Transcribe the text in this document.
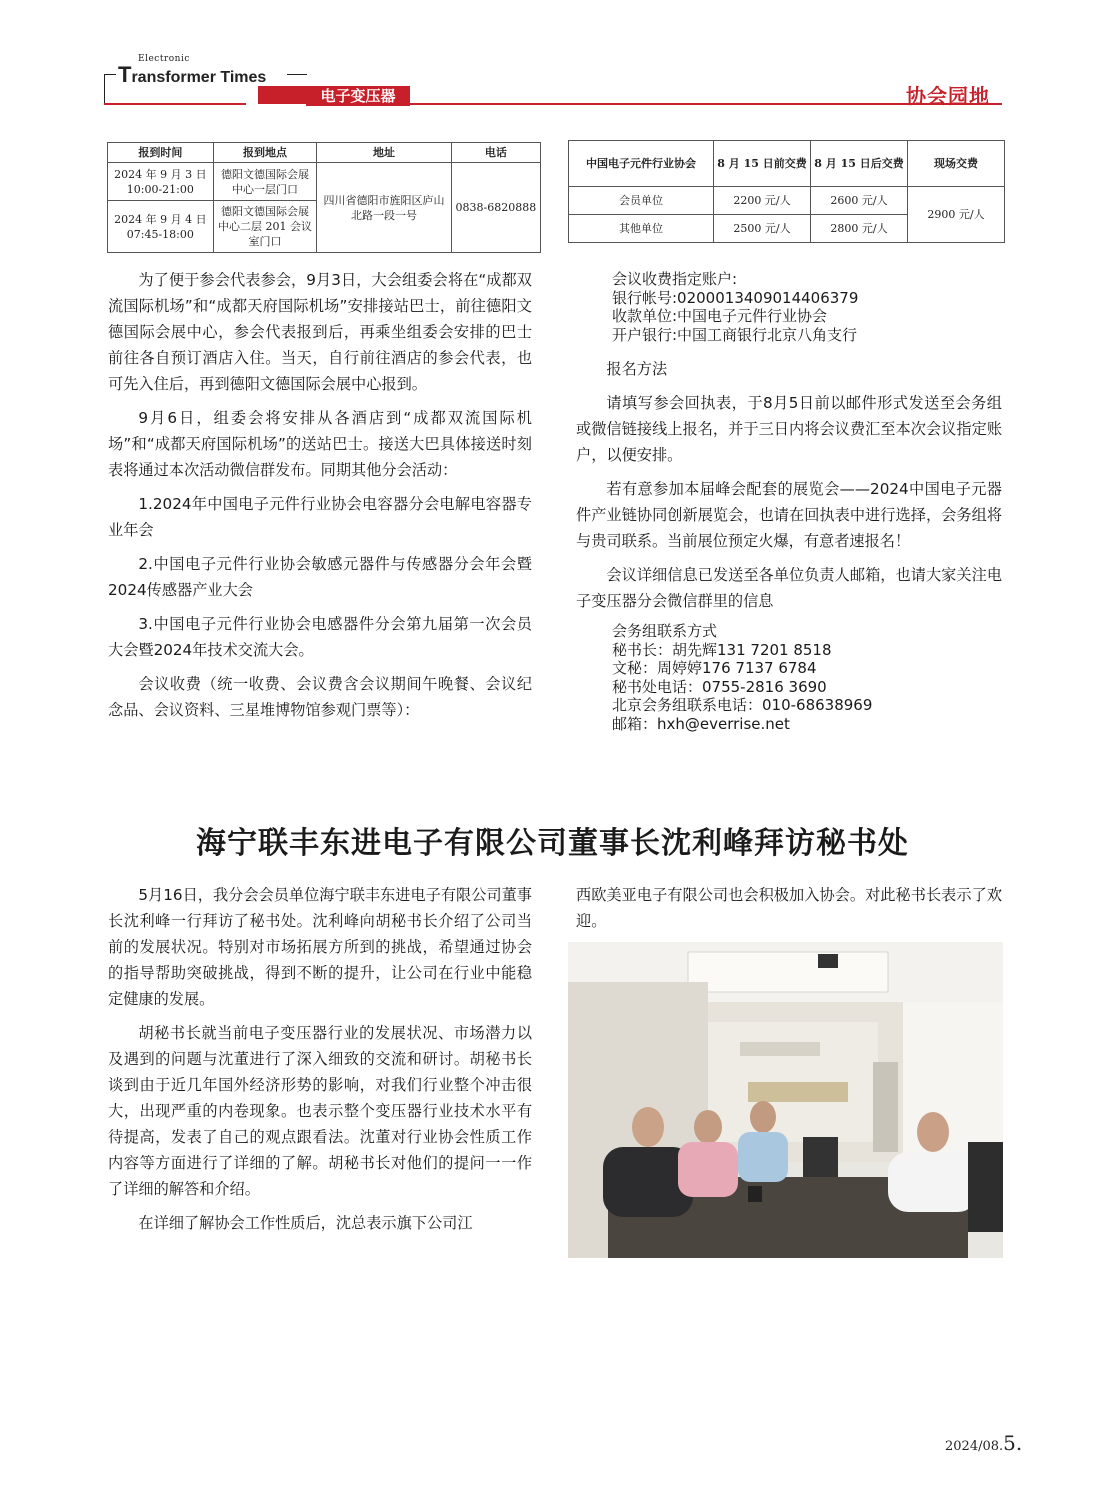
Electronic
Transformer Times
电子变压器	协会园地
报到时间	报到地点	地址	电话
2024 年 9 月 3 日 10:00-21:00	德阳文德国际会展中心一层门口	四川省德阳市旌阳区庐山北路一段一号	0838-6820888
2024 年 9 月 4 日 07:45-18:00	德阳文德国际会展中心二层 201 会议室门口		
中国电子元件行业协会	8 月 15 日前交费	8 月 15 日后交费	现场交费
会员单位	2200 元/人	2600 元/人	2900 元/人
其他单位	2500 元/人	2800 元/人	

为了便于参会代表参会，9月3日，大会组委会将在“成都双流国际机场”和“成都天府国际机场”安排接站巴士，前往德阳文德国际会展中心，参会代表报到后，再乘坐组委会安排的巴士前往各自预订酒店入住。当天，自行前往酒店的参会代表，也可先入住后，再到德阳文德国际会展中心报到。

9月6日，组委会将安排从各酒店到“成都双流国际机场”和“成都天府国际机场”的送站巴士。接送大巴具体接送时刻表将通过本次活动微信群发布。同期其他分会活动：

1.2024年中国电子元件行业协会电容器分会电解电容器专业年会

2.中国电子元件行业协会敏感元器件与传感器分会年会暨2024传感器产业大会

3.中国电子元件行业协会电感器件分会第九届第一次会员大会暨2024年技术交流大会。

会议收费（统一收费、会议费含会议期间午晚餐、会议纪念品、会议资料、三星堆博物馆参观门票等）：

会议收费指定账户:

银行帐号:0200013409014406379

收款单位:中国电子元件行业协会

开户银行:中国工商银行北京八角支行

报名方法

请填写参会回执表，于8月5日前以邮件形式发送至会务组或微信链接线上报名，并于三日内将会议费汇至本次会议指定账户，以便安排。

若有意参加本届峰会配套的展览会——2024中国电子元器件产业链协同创新展览会，也请在回执表中进行选择，会务组将与贵司联系。当前展位预定火爆，有意者速报名！

会议详细信息已发送至各单位负责人邮箱，也请大家关注电子变压器分会微信群里的信息

会务组联系方式

秘书长：胡先辉131 7201 8518

文秘：周婷婷176 7137 6784

秘书处电话：0755-2816 3690

北京会务组联系电话：010-68638969

邮箱：hxh@everrise.net

海宁联丰东进电子有限公司董事长沈利峰拜访秘书处

5月16日，我分会会员单位海宁联丰东进电子有限公司董事长沈利峰一行拜访了秘书处。沈利峰向胡秘书长介绍了公司当前的发展状况。特别对市场拓展方所到的挑战，希望通过协会的指导帮助突破挑战，得到不断的提升，让公司在行业中能稳定健康的发展。

胡秘书长就当前电子变压器行业的发展状况、市场潜力以及遇到的问题与沈董进行了深入细致的交流和研讨。胡秘书长谈到由于近几年国外经济形势的影响，对我们行业整个冲击很大，出现严重的内卷现象。也表示整个变压器行业技术水平有待提高，发表了自己的观点跟看法。沈董对行业协会性质工作内容等方面进行了详细的了解。胡秘书长对他们的提问一一作了详细的解答和介绍。

在详细了解协会工作性质后，沈总表示旗下公司江

西欧美亚电子有限公司也会积极加入协会。对此秘书长表示了欢迎。

2024/08.5.
